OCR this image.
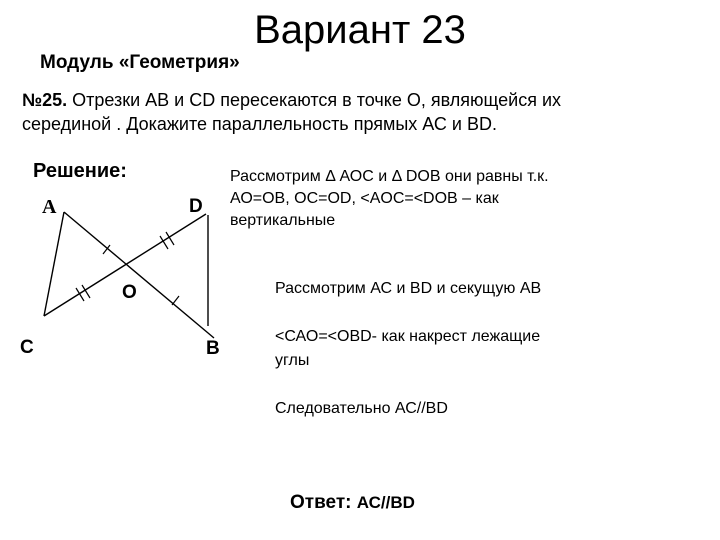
Вариант 23
Модуль «Геометрия»
№25. Отрезки АВ и CD пересекаются в точке О, являющейся их
серединой . Докажите параллельность прямых АС и BD.
Решение:	Рассмотрим Δ АОС и Δ DOB они равны т.к.
АО=ОВ, ОС=OD, <AOC=<DOB – как
вертикальные
Рассмотрим АС и BD и секущую АВ
<САО=<OBD- как накрест лежащие
углы
Следовательно АС//BD
Ответ: АС//BD
A	D
O
C	B
